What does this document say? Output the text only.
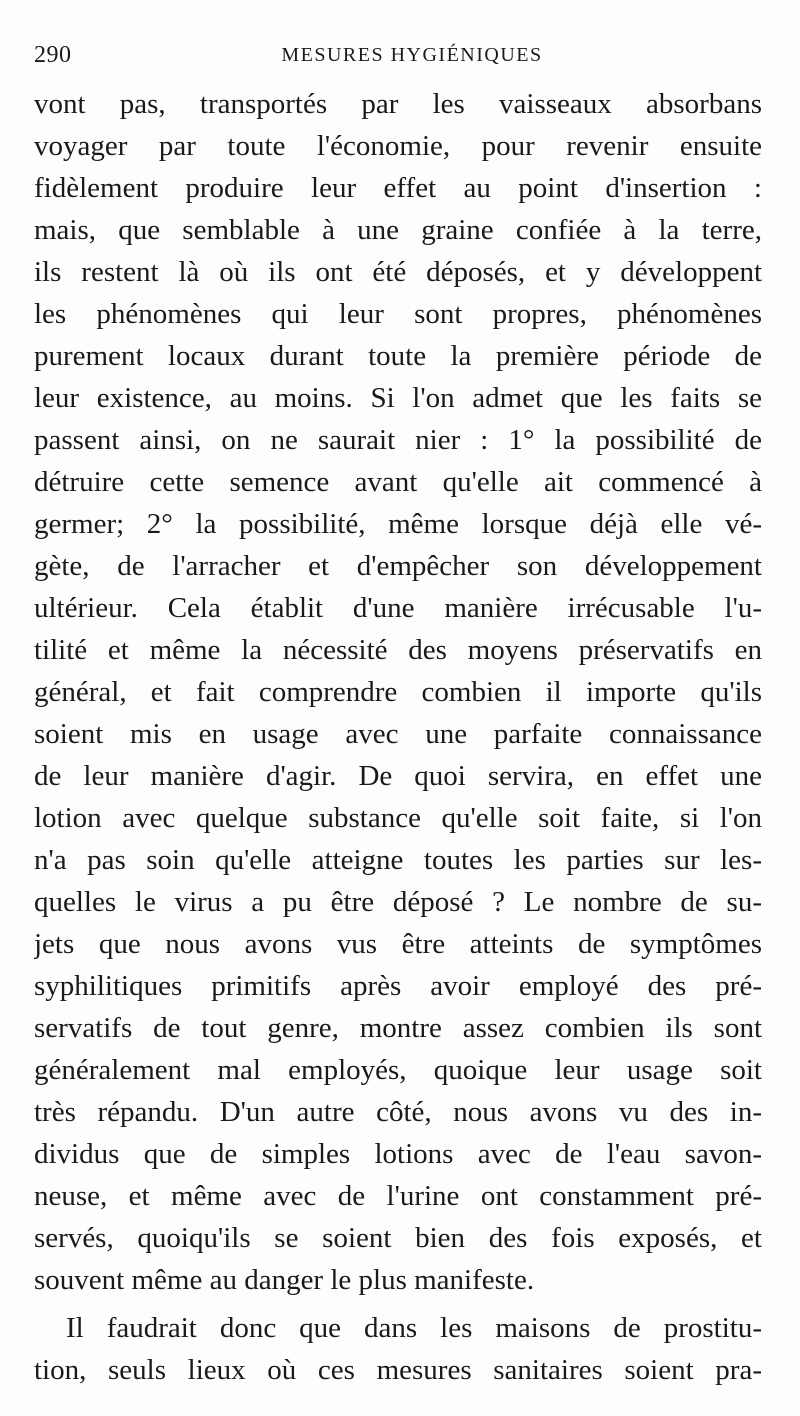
290	MESURES HYGIÉNIQUES
vont pas, transportés par les vaisseaux absorbans
voyager par toute l'économie, pour revenir ensuite
fidèlement produire leur effet au point d'insertion :
mais, que semblable à une graine confiée à la terre,
ils restent là où ils ont été déposés, et y développent
les phénomènes qui leur sont propres, phénomènes
purement locaux durant toute la première période de
leur existence, au moins. Si l'on admet que les faits se
passent ainsi, on ne saurait nier : 1° la possibilité de
détruire cette semence avant qu'elle ait commencé à
germer; 2° la possibilité, même lorsque déjà elle vé-
gète, de l'arracher et d'empêcher son développement
ultérieur. Cela établit d'une manière irrécusable l'u-
tilité et même la nécessité des moyens préservatifs en
général, et fait comprendre combien il importe qu'ils
soient mis en usage avec une parfaite connaissance
de leur manière d'agir. De quoi servira, en effet une
lotion avec quelque substance qu'elle soit faite, si l'on
n'a pas soin qu'elle atteigne toutes les parties sur les-
quelles le virus a pu être déposé ? Le nombre de su-
jets que nous avons vus être atteints de symptômes
syphilitiques primitifs après avoir employé des pré-
servatifs de tout genre, montre assez combien ils sont
généralement mal employés, quoique leur usage soit
très répandu. D'un autre côté, nous avons vu des in-
dividus que de simples lotions avec de l'eau savon-
neuse, et même avec de l'urine ont constamment pré-
servés, quoiqu'ils se soient bien des fois exposés, et
souvent même au danger le plus manifeste.
Il faudrait donc que dans les maisons de prostitu-
tion, seuls lieux où ces mesures sanitaires soient pra-
